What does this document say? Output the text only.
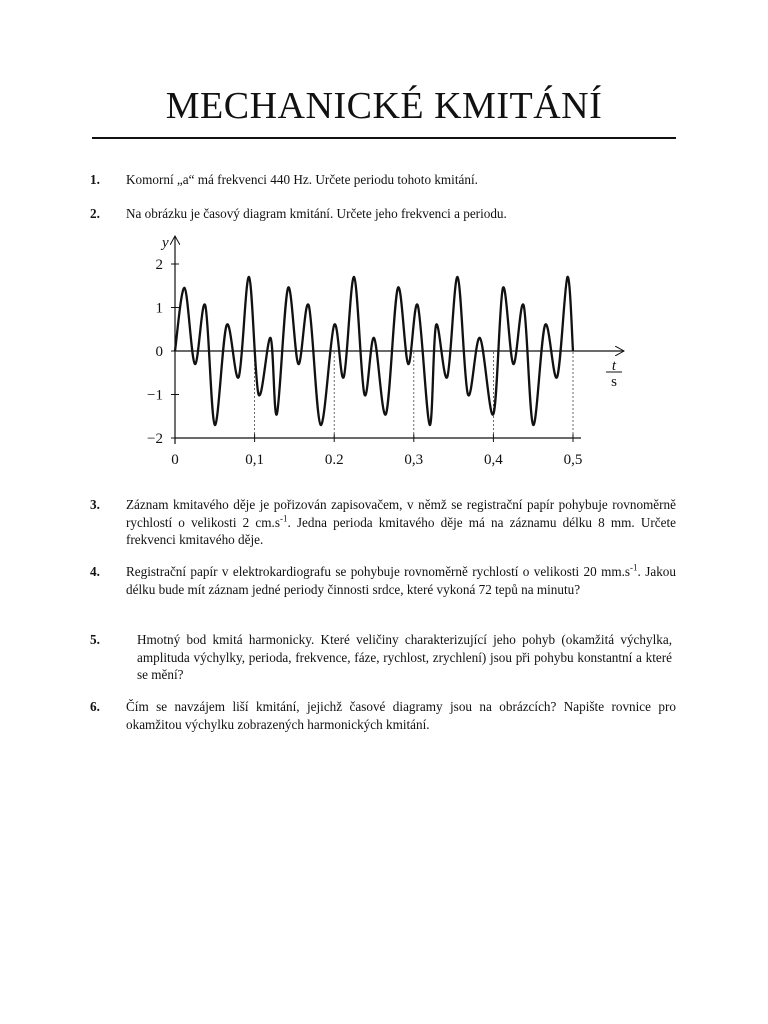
MECHANICKÉ KMITÁNÍ
1. Komorní „a“ má frekvenci 440 Hz. Určete periodu tohoto kmitání.
2. Na obrázku je časový diagram kmitání. Určete jeho frekvenci a periodu.
2
1
0
−1
−2
0	0,1	0.2	0,3	0,4	0,5
y
t
s
3. Záznam kmitavého děje je pořizován zapisovačem, v němž se registrační papír pohybuje rovnoměrně rychlostí o velikosti 2 $cm.s^{-1}$. Jedna perioda kmitavého děje má na záznamu délku 8 mm. Určete frekvenci kmitavého děje.
4. Registrační papír v elektrokardiografu se pohybuje rovnoměrně rychlostí o velikosti 20 $mm.s^{-1}$. Jakou délku bude mít záznam jedné periody činnosti srdce, které vykoná 72 tepů na minutu?
5.	Hmotný bod kmitá harmonicky. Které veličiny charakterizující jeho pohyb (okamžitá výchylka, amplituda výchylky, perioda, frekvence, fáze, rychlost, zrychlení) jsou při pohybu konstantní a které se mění?
6. Čím se navzájem liší kmitání, jejichž časové diagramy jsou na obrázcích? Napište rovnice pro okamžitou výchylku zobrazených harmonických kmitání.
